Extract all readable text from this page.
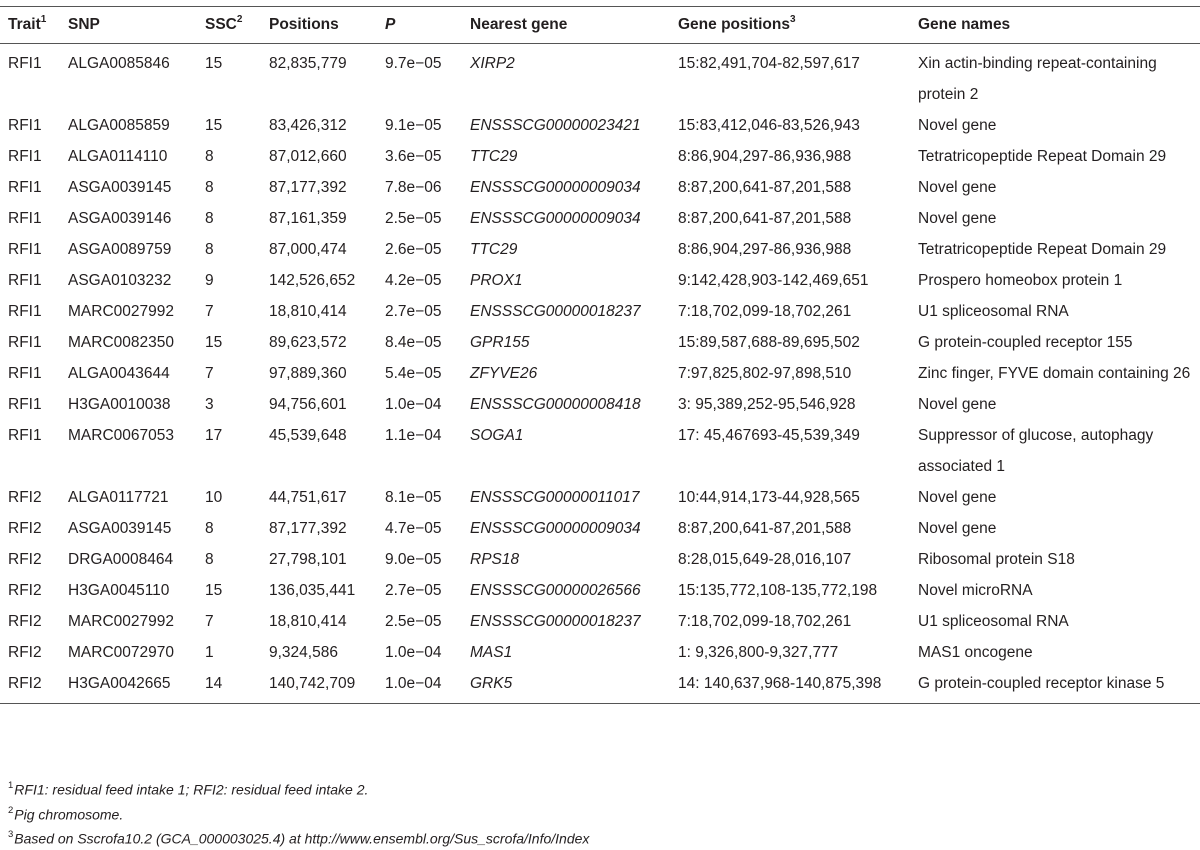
Trait$^1$	SNP	SSC$^2$	Positions	P	Nearest gene	Gene positions$^3$	Gene names
RFI1	ALGA0085846	15	82,835,779	9.7e−05	XIRP2	15:82,491,704-82,597,617	Xin actin-binding repeat-containing protein 2
RFI1	ALGA0085859	15	83,426,312	9.1e−05	ENSSSCG00000023421	15:83,412,046-83,526,943	Novel gene
RFI1	ALGA0114110	8	87,012,660	3.6e−05	TTC29	8:86,904,297-86,936,988	Tetratricopeptide Repeat Domain 29
RFI1	ASGA0039145	8	87,177,392	7.8e−06	ENSSSCG00000009034	8:87,200,641-87,201,588	Novel gene
RFI1	ASGA0039146	8	87,161,359	2.5e−05	ENSSSCG00000009034	8:87,200,641-87,201,588	Novel gene
RFI1	ASGA0089759	8	87,000,474	2.6e−05	TTC29	8:86,904,297-86,936,988	Tetratricopeptide Repeat Domain 29
RFI1	ASGA0103232	9	142,526,652	4.2e−05	PROX1	9:142,428,903-142,469,651	Prospero homeobox protein 1
RFI1	MARC0027992	7	18,810,414	2.7e−05	ENSSSCG00000018237	7:18,702,099-18,702,261	U1 spliceosomal RNA
RFI1	MARC0082350	15	89,623,572	8.4e−05	GPR155	15:89,587,688-89,695,502	G protein-coupled receptor 155
RFI1	ALGA0043644	7	97,889,360	5.4e−05	ZFYVE26	7:97,825,802-97,898,510	Zinc finger, FYVE domain containing 26
RFI1	H3GA0010038	3	94,756,601	1.0e−04	ENSSSCG00000008418	3: 95,389,252-95,546,928	Novel gene
RFI1	MARC0067053	17	45,539,648	1.1e−04	SOGA1	17: 45,467693-45,539,349	Suppressor of glucose, autophagy associated 1
RFI2	ALGA0117721	10	44,751,617	8.1e−05	ENSSSCG00000011017	10:44,914,173-44,928,565	Novel gene
RFI2	ASGA0039145	8	87,177,392	4.7e−05	ENSSSCG00000009034	8:87,200,641-87,201,588	Novel gene
RFI2	DRGA0008464	8	27,798,101	9.0e−05	RPS18	8:28,015,649-28,016,107	Ribosomal protein S18
RFI2	H3GA0045110	15	136,035,441	2.7e−05	ENSSSCG00000026566	15:135,772,108-135,772,198	Novel microRNA
RFI2	MARC0027992	7	18,810,414	2.5e−05	ENSSSCG00000018237	7:18,702,099-18,702,261	U1 spliceosomal RNA
RFI2	MARC0072970	1	9,324,586	1.0e−04	MAS1	1: 9,326,800-9,327,777	MAS1 oncogene
RFI2	H3GA0042665	14	140,742,709	1.0e−04	GRK5	14: 140,637,968-140,875,398	G protein-coupled receptor kinase 5
$^1$RFI1: residual feed intake 1; RFI2: residual feed intake 2.
$^2$Pig chromosome.
$^3$Based on Sscrofa10.2 (GCA_000003025.4) at http://www.ensembl.org/Sus_scrofa/Info/Index
